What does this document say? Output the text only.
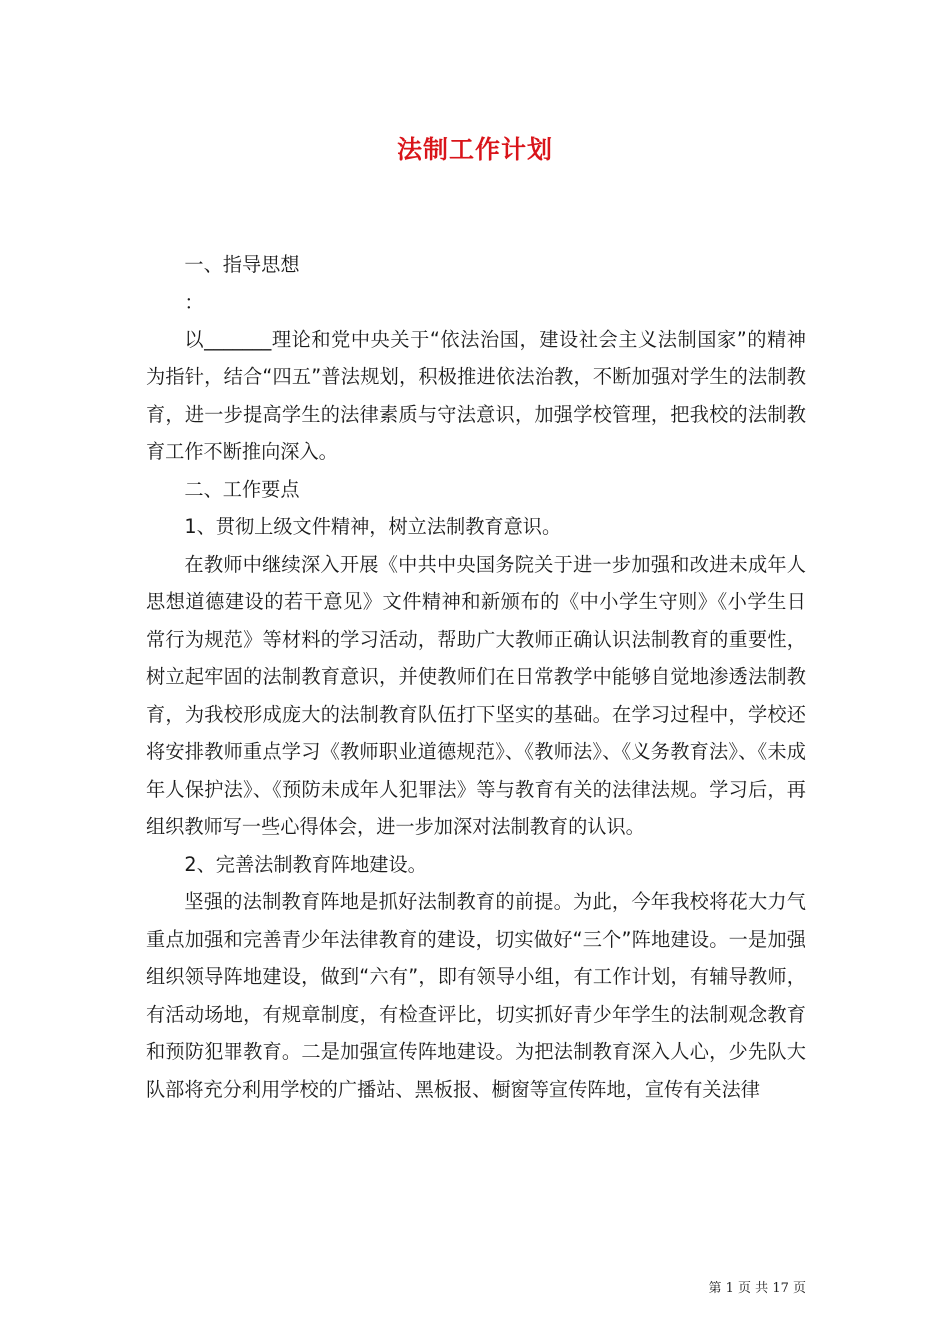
法制工作计划

一、指导思想

：

以_______理论和党中央关于“依法治国，建设社会主义法制国家”的精神为指针，结合“四五”普法规划，积极推进依法治教，不断加强对学生的法制教育，进一步提高学生的法律素质与守法意识，加强学校管理，把我校的法制教育工作不断推向深入。

二、工作要点

1、贯彻上级文件精神，树立法制教育意识。

在教师中继续深入开展《中共中央国务院关于进一步加强和改进未成年人思想道德建设的若干意见》文件精神和新颁布的《中小学生守则》《小学生日常行为规范》等材料的学习活动，帮助广大教师正确认识法制教育的重要性，树立起牢固的法制教育意识，并使教师们在日常教学中能够自觉地渗透法制教育，为我校形成庞大的法制教育队伍打下坚实的基础。在学习过程中，学校还将安排教师重点学习《教师职业道德规范》、《教师法》、《义务教育法》、《未成年人保护法》、《预防未成年人犯罪法》等与教育有关的法律法规。学习后，再组织教师写一些心得体会，进一步加深对法制教育的认识。

2、完善法制教育阵地建设。

坚强的法制教育阵地是抓好法制教育的前提。为此，今年我校将花大力气重点加强和完善青少年法律教育的建设，切实做好“三个”阵地建设。一是加强组织领导阵地建设，做到“六有”，即有领导小组，有工作计划，有辅导教师，有活动场地，有规章制度，有检查评比，切实抓好青少年学生的法制观念教育和预防犯罪教育。二是加强宣传阵地建设。为把法制教育深入人心，少先队大队部将充分利用学校的广播站、黑板报、橱窗等宣传阵地，宣传有关法律

第 1 页 共 17 页
